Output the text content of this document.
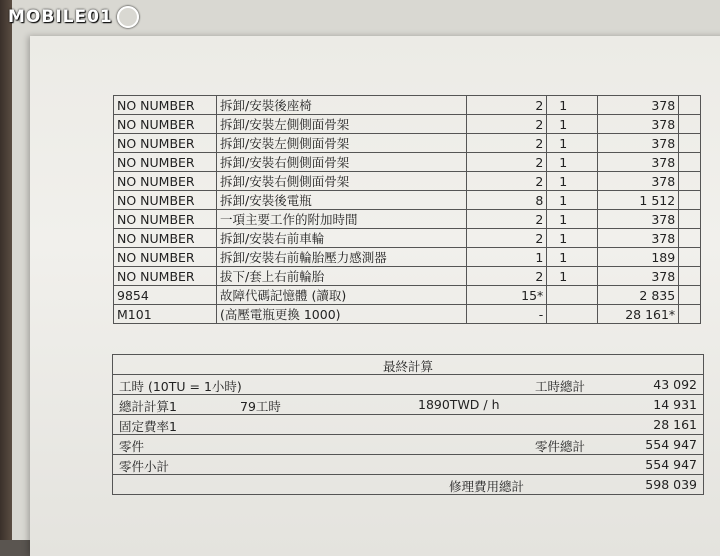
MOBILE01
NO NUMBER	拆卸/安裝後座椅	2	1	378	
NO NUMBER	拆卸/安裝左側側面骨架	2	1	378	
NO NUMBER	拆卸/安裝左側側面骨架	2	1	378	
NO NUMBER	拆卸/安裝右側側面骨架	2	1	378	
NO NUMBER	拆卸/安裝右側側面骨架	2	1	378	
NO NUMBER	拆卸/安裝後電瓶	8	1	1 512	
NO NUMBER	一項主要工作的附加時間	2	1	378	
NO NUMBER	拆卸/安裝右前車輪	2	1	378	
NO NUMBER	拆卸/安裝右前輪胎壓力感測器	1	1	189	
NO NUMBER	拔下/套上右前輪胎	2	1	378	
9854	故障代碼記憶體 (讀取)	15*		2 835	
M101	(高壓電瓶更換 1000)	-		28 161*	
最終計算
工時 (10TU = 1小時)	工時總計	43 092
總計計算1	79工時	1890TWD / h	14 931
固定費率1	28 161
零件	零件總計	554 947
零件小計	554 947
修理費用總計	598 039
